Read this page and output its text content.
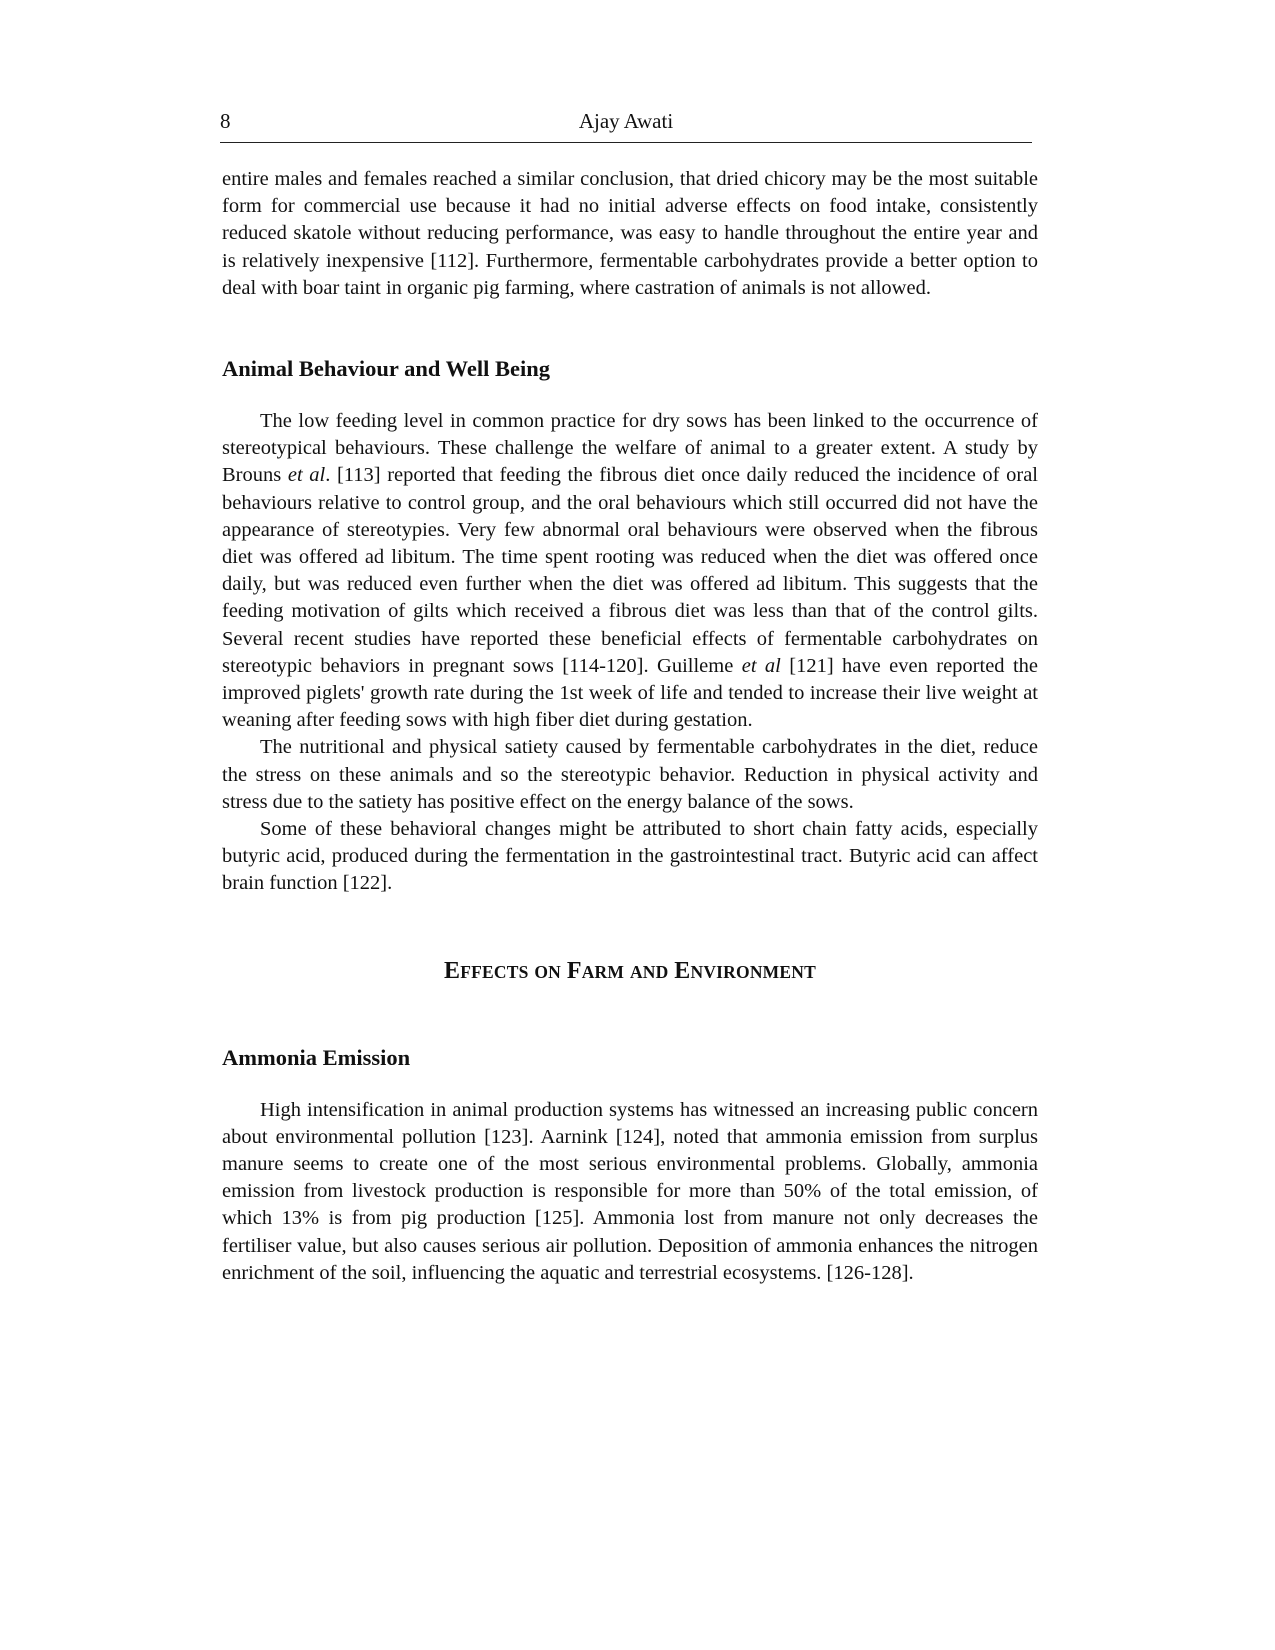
8	Ajay Awati

entire males and females reached a similar conclusion, that dried chicory may be the most suitable form for commercial use because it had no initial adverse effects on food intake, consistently reduced skatole without reducing performance, was easy to handle throughout the entire year and is relatively inexpensive [112]. Furthermore, fermentable carbohydrates provide a better option to deal with boar taint in organic pig farming, where castration of animals is not allowed.

Animal Behaviour and Well Being

The low feeding level in common practice for dry sows has been linked to the occurrence of stereotypical behaviours. These challenge the welfare of animal to a greater extent. A study by Brouns et al. [113] reported that feeding the fibrous diet once daily reduced the incidence of oral behaviours relative to control group, and the oral behaviours which still occurred did not have the appearance of stereotypies. Very few abnormal oral behaviours were observed when the fibrous diet was offered ad libitum. The time spent rooting was reduced when the diet was offered once daily, but was reduced even further when the diet was offered ad libitum. This suggests that the feeding motivation of gilts which received a fibrous diet was less than that of the control gilts. Several recent studies have reported these beneficial effects of fermentable carbohydrates on stereotypic behaviors in pregnant sows [114-120]. Guilleme et al [121] have even reported the improved piglets' growth rate during the 1st week of life and tended to increase their live weight at weaning after feeding sows with high fiber diet during gestation.

The nutritional and physical satiety caused by fermentable carbohydrates in the diet, reduce the stress on these animals and so the stereotypic behavior. Reduction in physical activity and stress due to the satiety has positive effect on the energy balance of the sows.

Some of these behavioral changes might be attributed to short chain fatty acids, especially butyric acid, produced during the fermentation in the gastrointestinal tract. Butyric acid can affect brain function [122].

EFFECTS ON FARM AND ENVIRONMENT
Ammonia Emission

High intensification in animal production systems has witnessed an increasing public concern about environmental pollution [123]. Aarnink [124], noted that ammonia emission from surplus manure seems to create one of the most serious environmental problems. Globally, ammonia emission from livestock production is responsible for more than 50% of the total emission, of which 13% is from pig production [125]. Ammonia lost from manure not only decreases the fertiliser value, but also causes serious air pollution. Deposition of ammonia enhances the nitrogen enrichment of the soil, influencing the aquatic and terrestrial ecosystems. [126-128].
